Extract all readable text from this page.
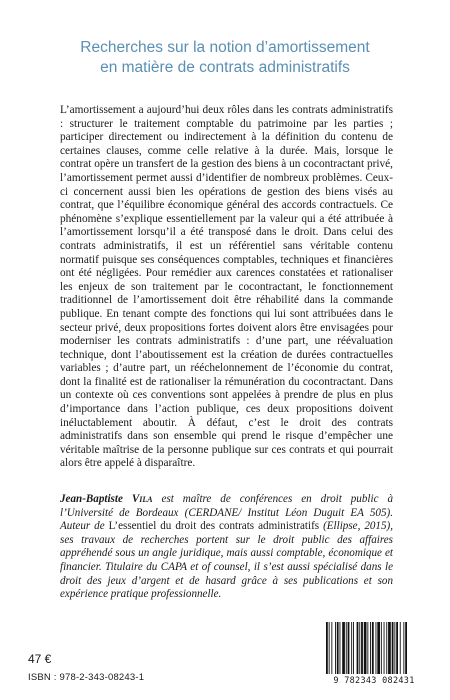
Recherches sur la notion d’amortissement
en matière de contrats administratifs

L’amortissement a aujourd’hui deux rôles dans les contrats administratifs : structurer le traitement comptable du patrimoine par les parties ; participer directement ou indirectement à la définition du contenu de certaines clauses, comme celle relative à la durée. Mais, lorsque le contrat opère un transfert de la gestion des biens à un cocontractant privé, l’amortissement permet aussi d’identifier de nombreux problèmes. Ceux-ci concernent aussi bien les opérations de gestion des biens visés au contrat, que l’équilibre économique général des accords contractuels. Ce phénomène s’explique essentiellement par la valeur qui a été attribuée à l’amortissement lorsqu’il a été transposé dans le droit. Dans celui des contrats administratifs, il est un référentiel sans véritable contenu normatif puisque ses conséquences comptables, techniques et financières ont été négligées. Pour remédier aux carences constatées et rationaliser les enjeux de son traitement par le cocontractant, le fonctionnement traditionnel de l’amortissement doit être réhabilité dans la commande publique. En tenant compte des fonctions qui lui sont attribuées dans le secteur privé, deux propositions fortes doivent alors être envisagées pour moderniser les contrats administratifs : d’une part, une réévaluation technique, dont l’aboutissement est la création de durées contractuelles variables ; d’autre part, un rééchelonnement de l’économie du contrat, dont la finalité est de rationaliser la rémunération du cocontractant. Dans un contexte où ces conventions sont appelées à prendre de plus en plus d’importance dans l’action publique, ces deux propositions doivent inéluctablement aboutir. À défaut, c’est le droit des contrats administratifs dans son ensemble qui prend le risque d’empêcher une véritable maîtrise de la personne publique sur ces contrats et qui pourrait alors être appelé à disparaître.

Jean-Baptiste Vila est maître de conférences en droit public à l’Université de Bordeaux (CERDANE/ Institut Léon Duguit EA 505). Auteur de L’essentiel du droit des contrats administratifs (Ellipse, 2015), ses travaux de recherches portent sur le droit public des affaires appréhendé sous un angle juridique, mais aussi comptable, économique et financier. Titulaire du CAPA et of counsel, il s’est aussi spécialisé dans le droit des jeux d’argent et de hasard grâce à ses publications et son expérience pratique professionnelle.

47 €
ISBN : 978-2-343-08243-1	9 782343 082431
